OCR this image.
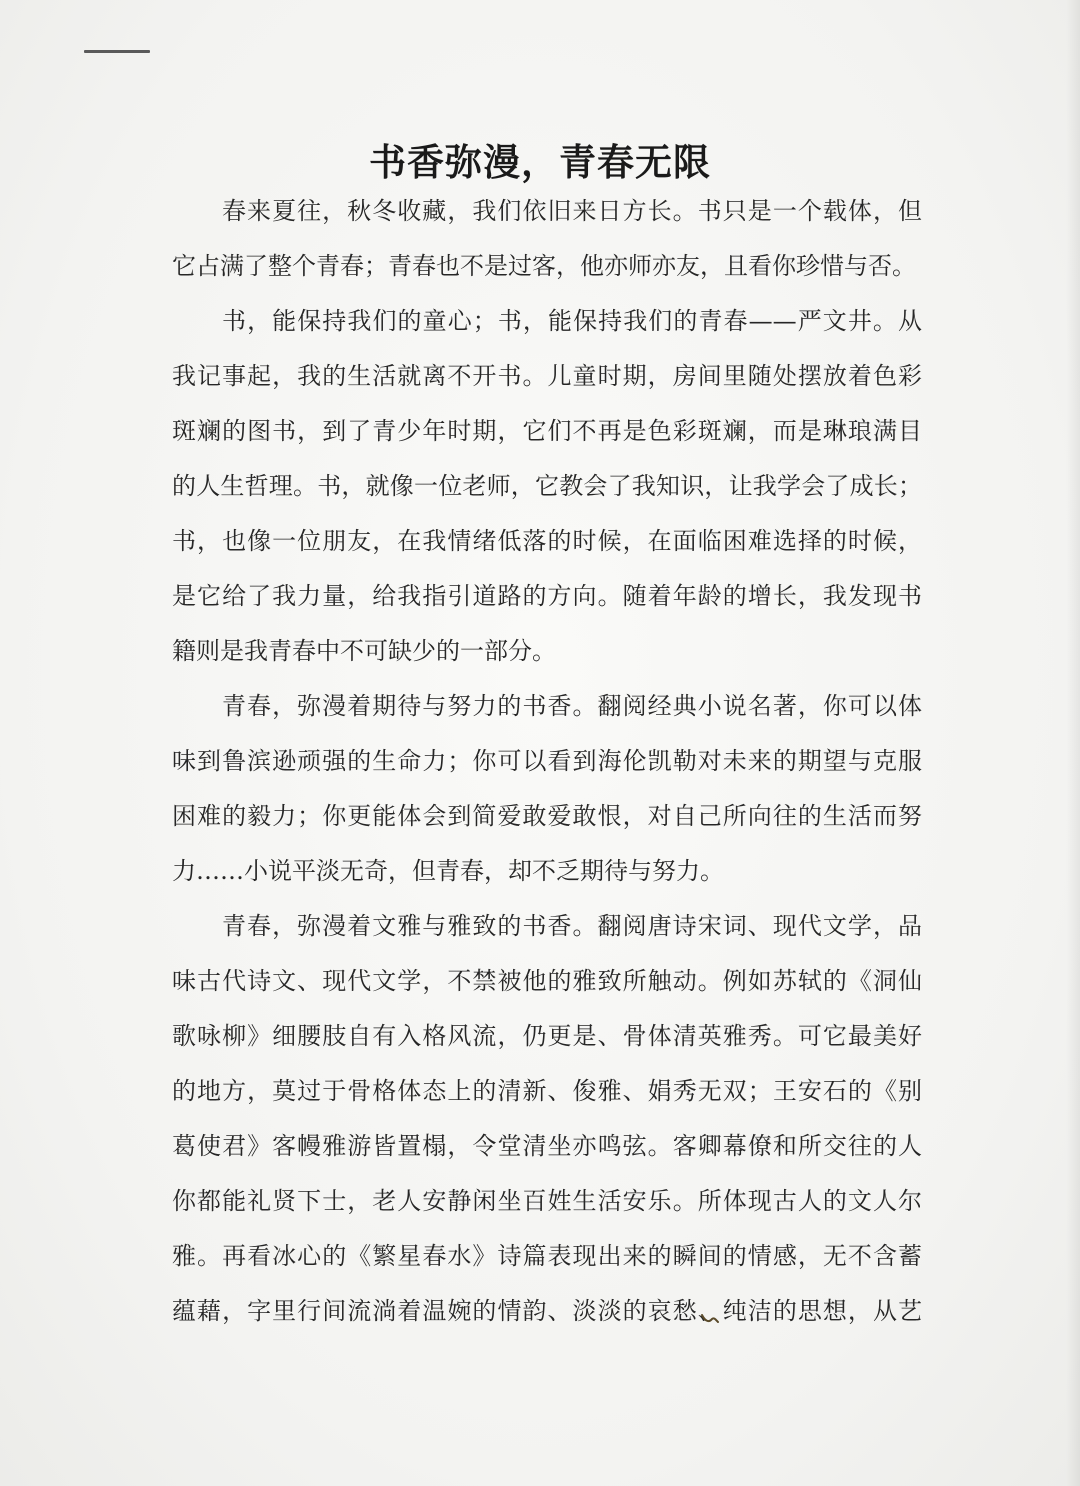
书香弥漫，青春无限
春来夏往，秋冬收藏，我们依旧来日方长。书只是一个载体，但
它占满了整个青春；青春也不是过客，他亦师亦友，且看你珍惜与否。
书，能保持我们的童心；书，能保持我们的青春——严文井。从
我记事起，我的生活就离不开书。儿童时期，房间里随处摆放着色彩
斑斓的图书，到了青少年时期，它们不再是色彩斑斓，而是琳琅满目
的人生哲理。书，就像一位老师，它教会了我知识，让我学会了成长；
书，也像一位朋友，在我情绪低落的时候，在面临困难选择的时候，
是它给了我力量，给我指引道路的方向。随着年龄的增长，我发现书
籍则是我青春中不可缺少的一部分。
青春，弥漫着期待与努力的书香。翻阅经典小说名著，你可以体
味到鲁滨逊顽强的生命力；你可以看到海伦凯勒对未来的期望与克服
困难的毅力；你更能体会到简爱敢爱敢恨，对自己所向往的生活而努
力……小说平淡无奇，但青春，却不乏期待与努力。
青春，弥漫着文雅与雅致的书香。翻阅唐诗宋词、现代文学，品
味古代诗文、现代文学，不禁被他的雅致所触动。例如苏轼的《洞仙
歌咏柳》细腰肢自有入格风流，仍更是、骨体清英雅秀。可它最美好
的地方，莫过于骨格体态上的清新、俊雅、娟秀无双；王安石的《别
葛使君》客幔雅游皆置榻，令堂清坐亦鸣弦。客卿幕僚和所交往的人
你都能礼贤下士，老人安静闲坐百姓生活安乐。所体现古人的文人尔
雅。再看冰心的《繁星春水》诗篇表现出来的瞬间的情感，无不含蓄
蕴藉，字里行间流淌着温婉的情韵、淡淡的哀愁、纯洁的思想，从艺
